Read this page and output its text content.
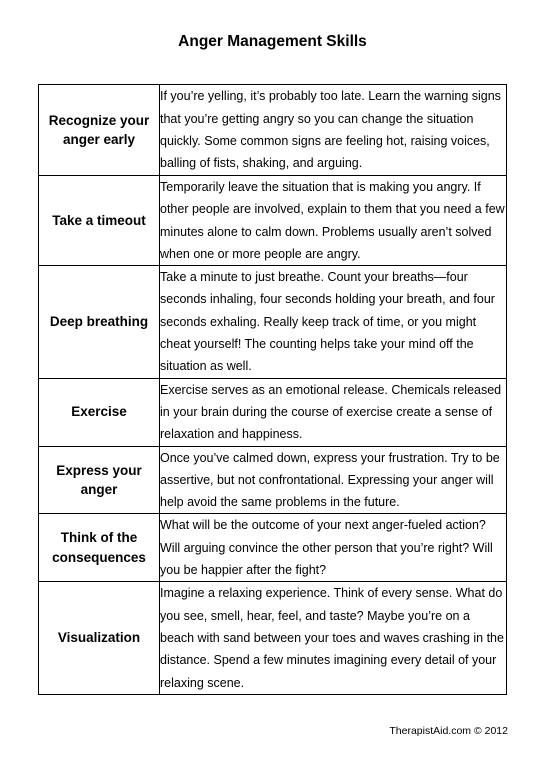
Anger Management Skills
Recognize your anger early	If you’re yelling, it’s probably too late. Learn the warning signs that you’re getting angry so you can change the situation quickly. Some common signs are feeling hot, raising voices, balling of fists, shaking, and arguing.
Take a timeout	Temporarily leave the situation that is making you angry. If other people are involved, explain to them that you need a few minutes alone to calm down. Problems usually aren’t solved when one or more people are angry.
Deep breathing	Take a minute to just breathe. Count your breaths—four seconds inhaling, four seconds holding your breath, and four seconds exhaling. Really keep track of time, or you might cheat yourself! The counting helps take your mind off the situation as well.
Exercise	Exercise serves as an emotional release. Chemicals released in your brain during the course of exercise create a sense of relaxation and happiness.
Express your anger	Once you’ve calmed down, express your frustration. Try to be assertive, but not confrontational. Expressing your anger will help avoid the same problems in the future.
Think of the consequences	What will be the outcome of your next anger-fueled action? Will arguing convince the other person that you’re right? Will you be happier after the fight?
Visualization	Imagine a relaxing experience. Think of every sense. What do you see, smell, hear, feel, and taste? Maybe you’re on a beach with sand between your toes and waves crashing in the distance. Spend a few minutes imagining every detail of your relaxing scene.
TherapistAid.com © 2012
